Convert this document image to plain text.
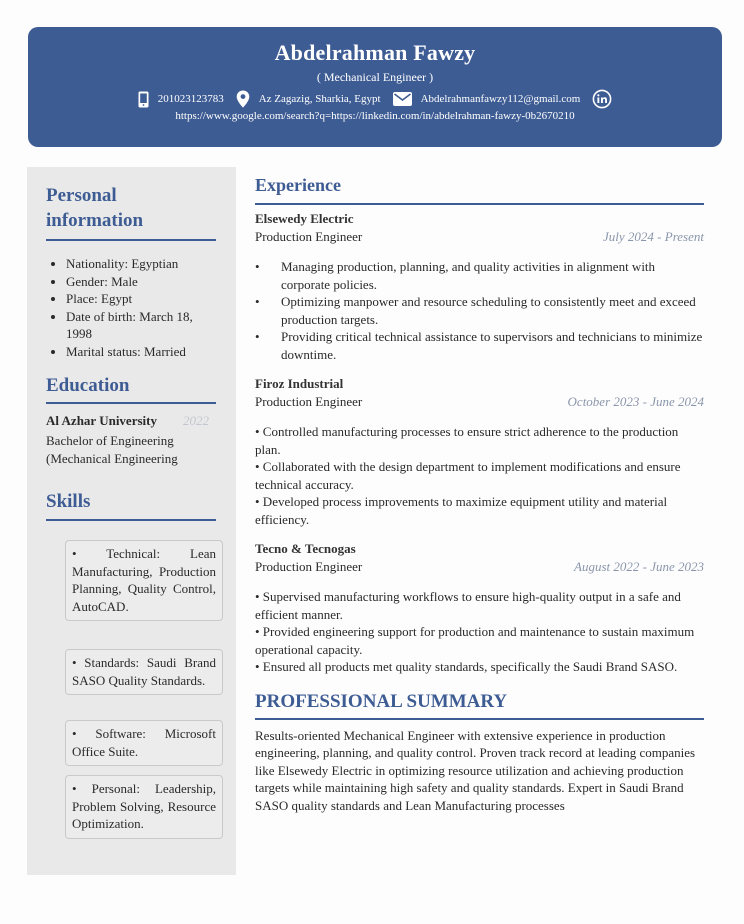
Abdelrahman Fawzy
( Mechanical Engineer )
201023123783	Az Zagazig, Sharkia, Egypt	Abdelrahmanfawzy112@gmail.com
https://www.google.com/search?q=https://linkedin.com/in/abdelrahman-fawzy-0b2670210
Personal
information
• Nationality: Egyptian
• Gender: Male
• Place: Egypt
• Date of birth: March 18, 1998
• Marital status: Married
Education
Al Azhar University 2022
Bachelor of Engineering
(Mechanical Engineering
Skills
• Technical: Lean Manufacturing, Production Planning, Quality Control, AutoCAD.
• Standards: Saudi Brand SASO Quality Standards.
• Software: Microsoft Office Suite.
• Personal: Leadership, Problem Solving, Resource Optimization.
Experience
Elsewedy Electric
Production Engineer	July 2024 - Present
• Managing production, planning, and quality activities in alignment with corporate policies.
• Optimizing manpower and resource scheduling to consistently meet and exceed production targets.
• Providing critical technical assistance to supervisors and technicians to minimize downtime.
Firoz Industrial
Production Engineer	October 2023 - June 2024
• Controlled manufacturing processes to ensure strict adherence to the production plan.
• Collaborated with the design department to implement modifications and ensure technical accuracy.
• Developed process improvements to maximize equipment utility and material efficiency.
Tecno & Tecnogas
Production Engineer	August 2022 - June 2023
• Supervised manufacturing workflows to ensure high-quality output in a safe and efficient manner.
• Provided engineering support for production and maintenance to sustain maximum operational capacity.
• Ensured all products met quality standards, specifically the Saudi Brand SASO.
PROFESSIONAL SUMMARY
Results-oriented Mechanical Engineer with extensive experience in production engineering, planning, and quality control. Proven track record at leading companies like Elsewedy Electric in optimizing resource utilization and achieving production targets while maintaining high safety and quality standards. Expert in Saudi Brand SASO quality standards and Lean Manufacturing processes
